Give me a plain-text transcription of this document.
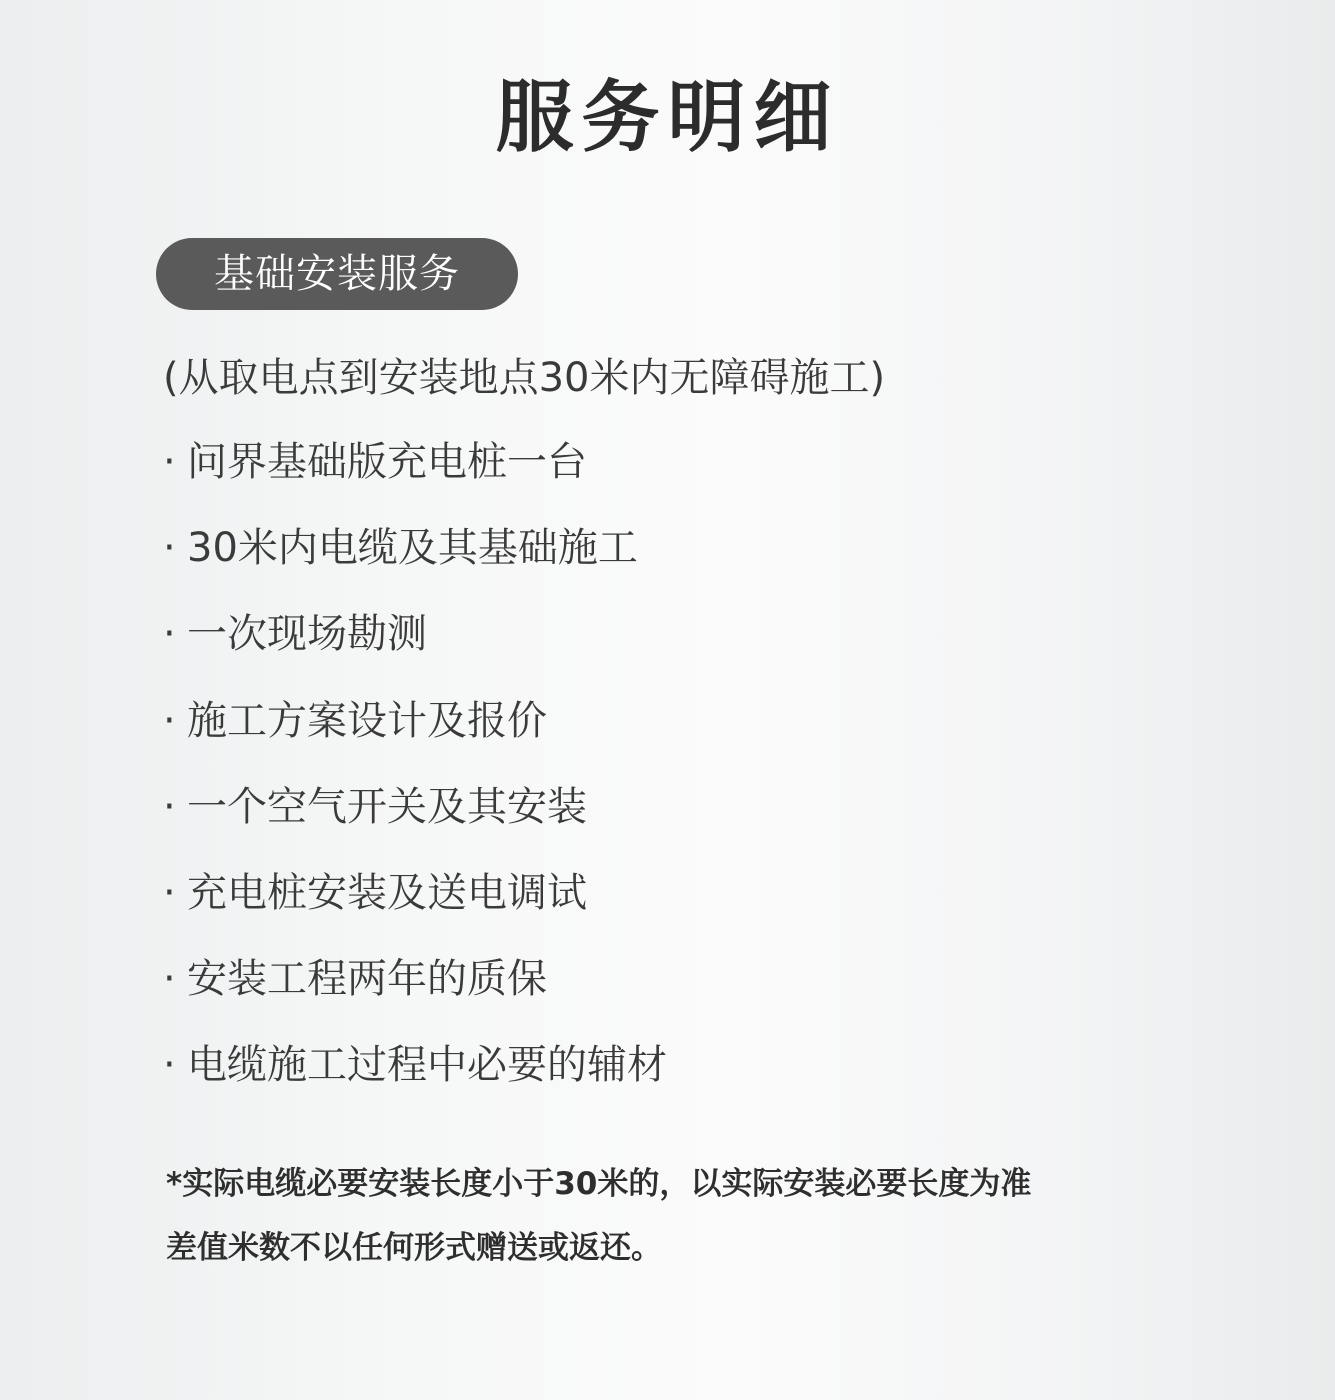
服务明细
基础安装服务
(从取电点到安装地点30米内无障碍施工)
· 问界基础版充电桩一台
· 30米内电缆及其基础施工
· 一次现场勘测
· 施工方案设计及报价
· 一个空气开关及其安装
· 充电桩安装及送电调试
· 安装工程两年的质保
· 电缆施工过程中必要的辅材

*实际电缆必要安装长度小于30米的，以实际安装必要长度为准

差值米数不以任何形式赠送或返还。
